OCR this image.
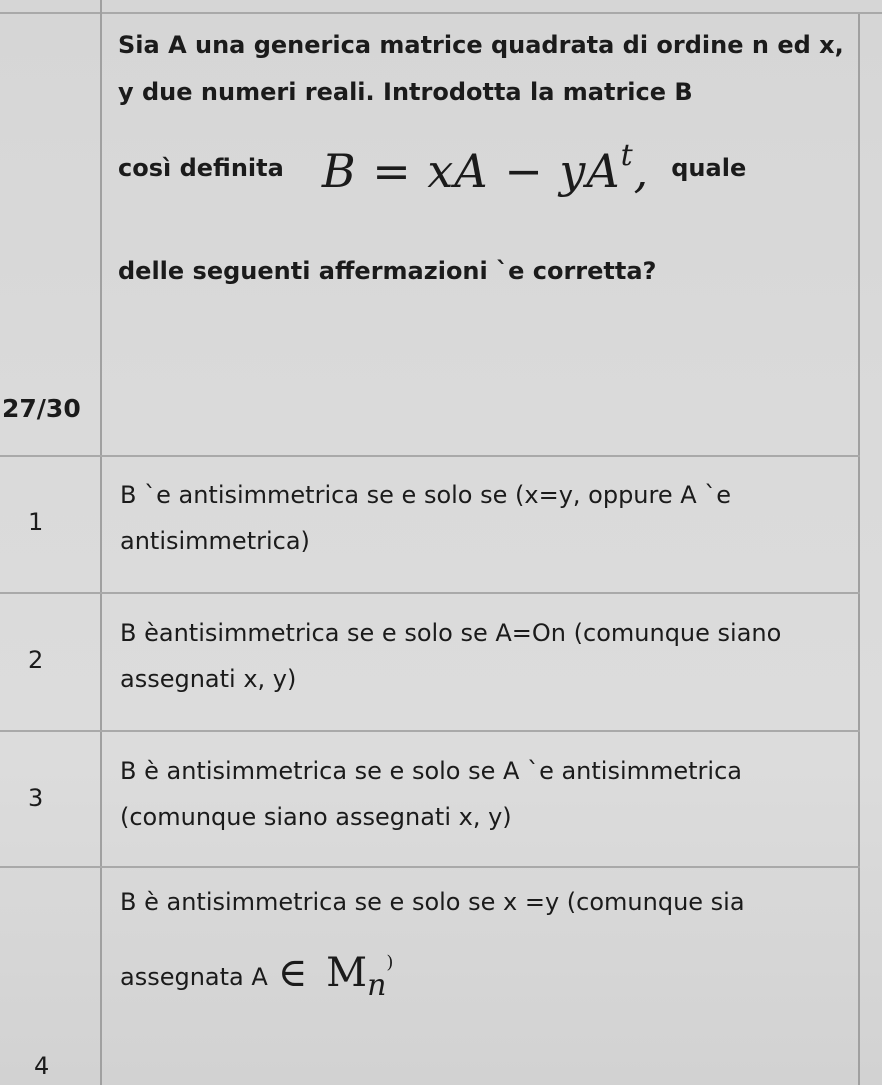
Sia A una generica matrice quadrata di ordine n ed x,
y due numeri reali. Introdotta la matrice B
così definita B = xA − $yA^t$, quale
delle seguenti affermazioni `e corretta?
27/30
1
B `e antisimmetrica se e solo se (x=y, oppure A `e
antisimmetrica)
2
B èantisimmetrica se e solo se A=On (comunque siano
assegnati x, y)
3
B è antisimmetrica se e solo se A `e antisimmetrica
(comunque siano assegnati x, y)
B è antisimmetrica se e solo se x =y (comunque sia
assegnata A ∈ $M_n^)$
4
